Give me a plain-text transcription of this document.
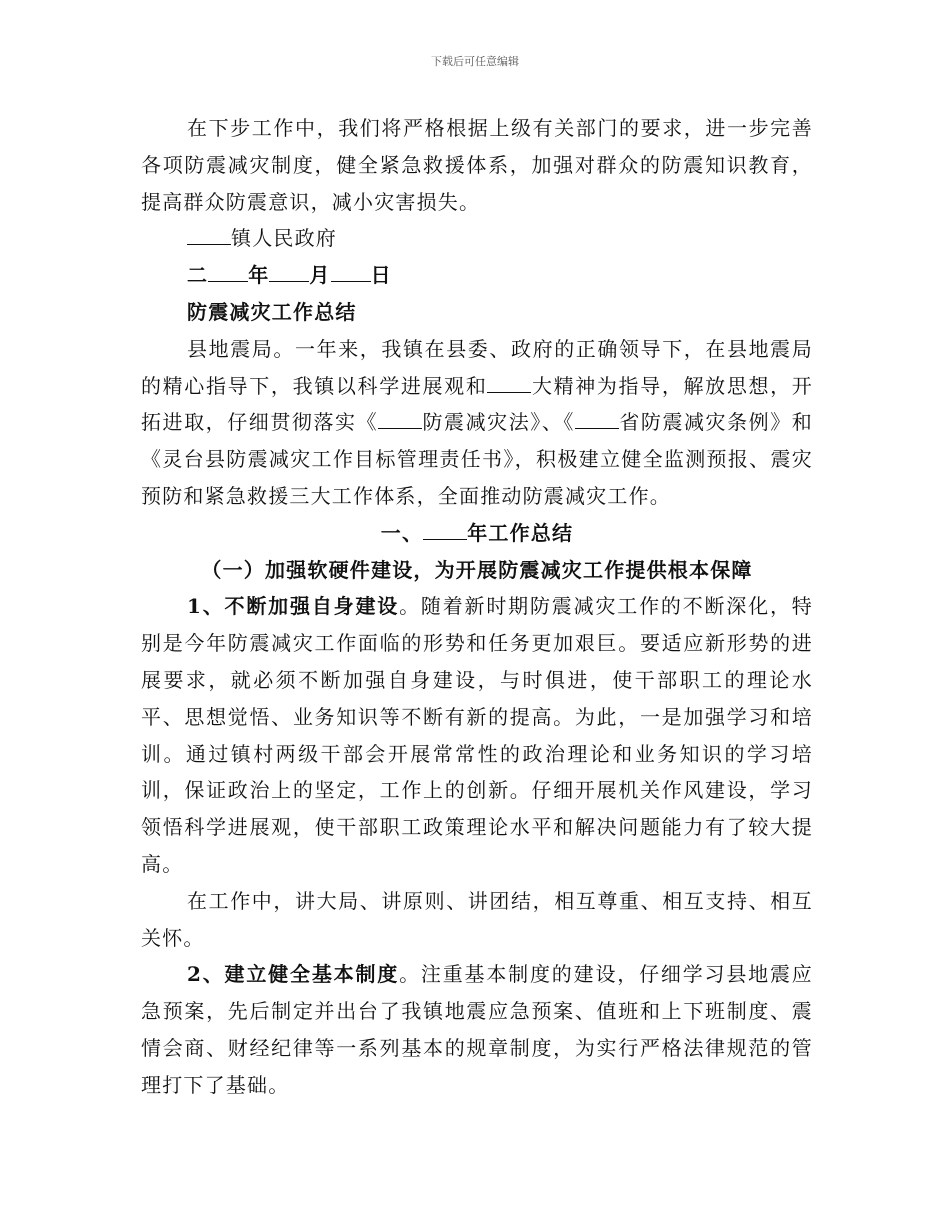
下载后可任意编辑

在下步工作中，我们将严格根据上级有关部门的要求，进一步完善各项防震减灾制度，健全紧急救援体系，加强对群众的防震知识教育，提高群众防震意识，减小灾害损失。

镇人民政府

二 年 月 日

防震减灾工作总结

县地震局。一年来，我镇在县委、政府的正确领导下，在县地震局的精心指导下，我镇以科学进展观和 大精神为指导，解放思想，开拓进取，仔细贯彻落实《 防震减灾法》、《 省防震减灾条例》和《灵台县防震减灾工作目标管理责任书》，积极建立健全监测预报、震灾预防和紧急救援三大工作体系，全面推动防震减灾工作。

一、 年工作总结

（一）加强软硬件建设，为开展防震减灾工作提供根本保障

1、不断加强自身建设。随着新时期防震减灾工作的不断深化，特别是今年防震减灾工作面临的形势和任务更加艰巨。要适应新形势的进展要求，就必须不断加强自身建设，与时俱进，使干部职工的理论水平、思想觉悟、业务知识等不断有新的提高。为此，一是加强学习和培训。通过镇村两级干部会开展常常性的政治理论和业务知识的学习培训，保证政治上的坚定，工作上的创新。仔细开展机关作风建设，学习领悟科学进展观，使干部职工政策理论水平和解决问题能力有了较大提高。

在工作中，讲大局、讲原则、讲团结，相互尊重、相互支持、相互关怀。

2、建立健全基本制度。注重基本制度的建设，仔细学习县地震应急预案，先后制定并出台了我镇地震应急预案、值班和上下班制度、震情会商、财经纪律等一系列基本的规章制度，为实行严格法律规范的管理打下了基础。
